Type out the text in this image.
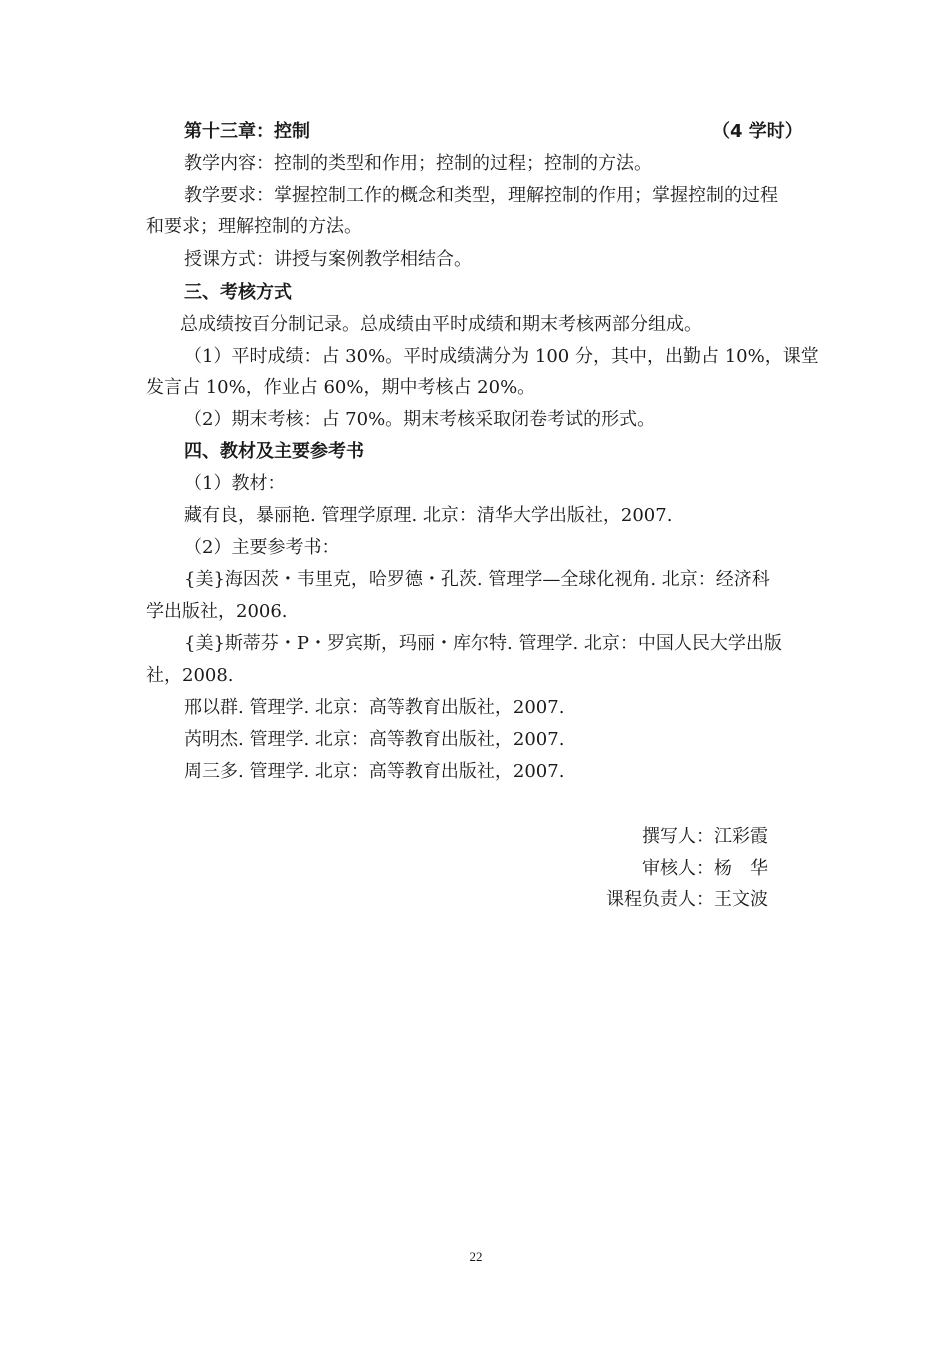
第十三章：控制	（4 学时）
教学内容：控制的类型和作用；控制的过程；控制的方法。
教学要求：掌握控制工作的概念和类型，理解控制的作用；掌握控制的过程
和要求；理解控制的方法。
授课方式：讲授与案例教学相结合。
三、考核方式
总成绩按百分制记录。总成绩由平时成绩和期末考核两部分组成。
（1）平时成绩：占 30%。平时成绩满分为 100 分，其中，出勤占 10%，课堂
发言占 10%，作业占 60%，期中考核占 20%。
（2）期末考核：占 70%。期末考核采取闭卷考试的形式。
四、教材及主要参考书
（1）教材：
藏有良，暴丽艳. 管理学原理. 北京：清华大学出版社，2007.
（2）主要参考书：
{美}海因茨・韦里克，哈罗德・孔茨. 管理学—全球化视角. 北京：经济科
学出版社，2006.
{美}斯蒂芬・P・罗宾斯，玛丽・库尔特. 管理学. 北京：中国人民大学出版
社，2008.
邢以群. 管理学. 北京：高等教育出版社，2007.
芮明杰. 管理学. 北京：高等教育出版社，2007.
周三多. 管理学. 北京：高等教育出版社，2007.
撰写人：江彩霞
审核人：杨　华
课程负责人：王文波
22
